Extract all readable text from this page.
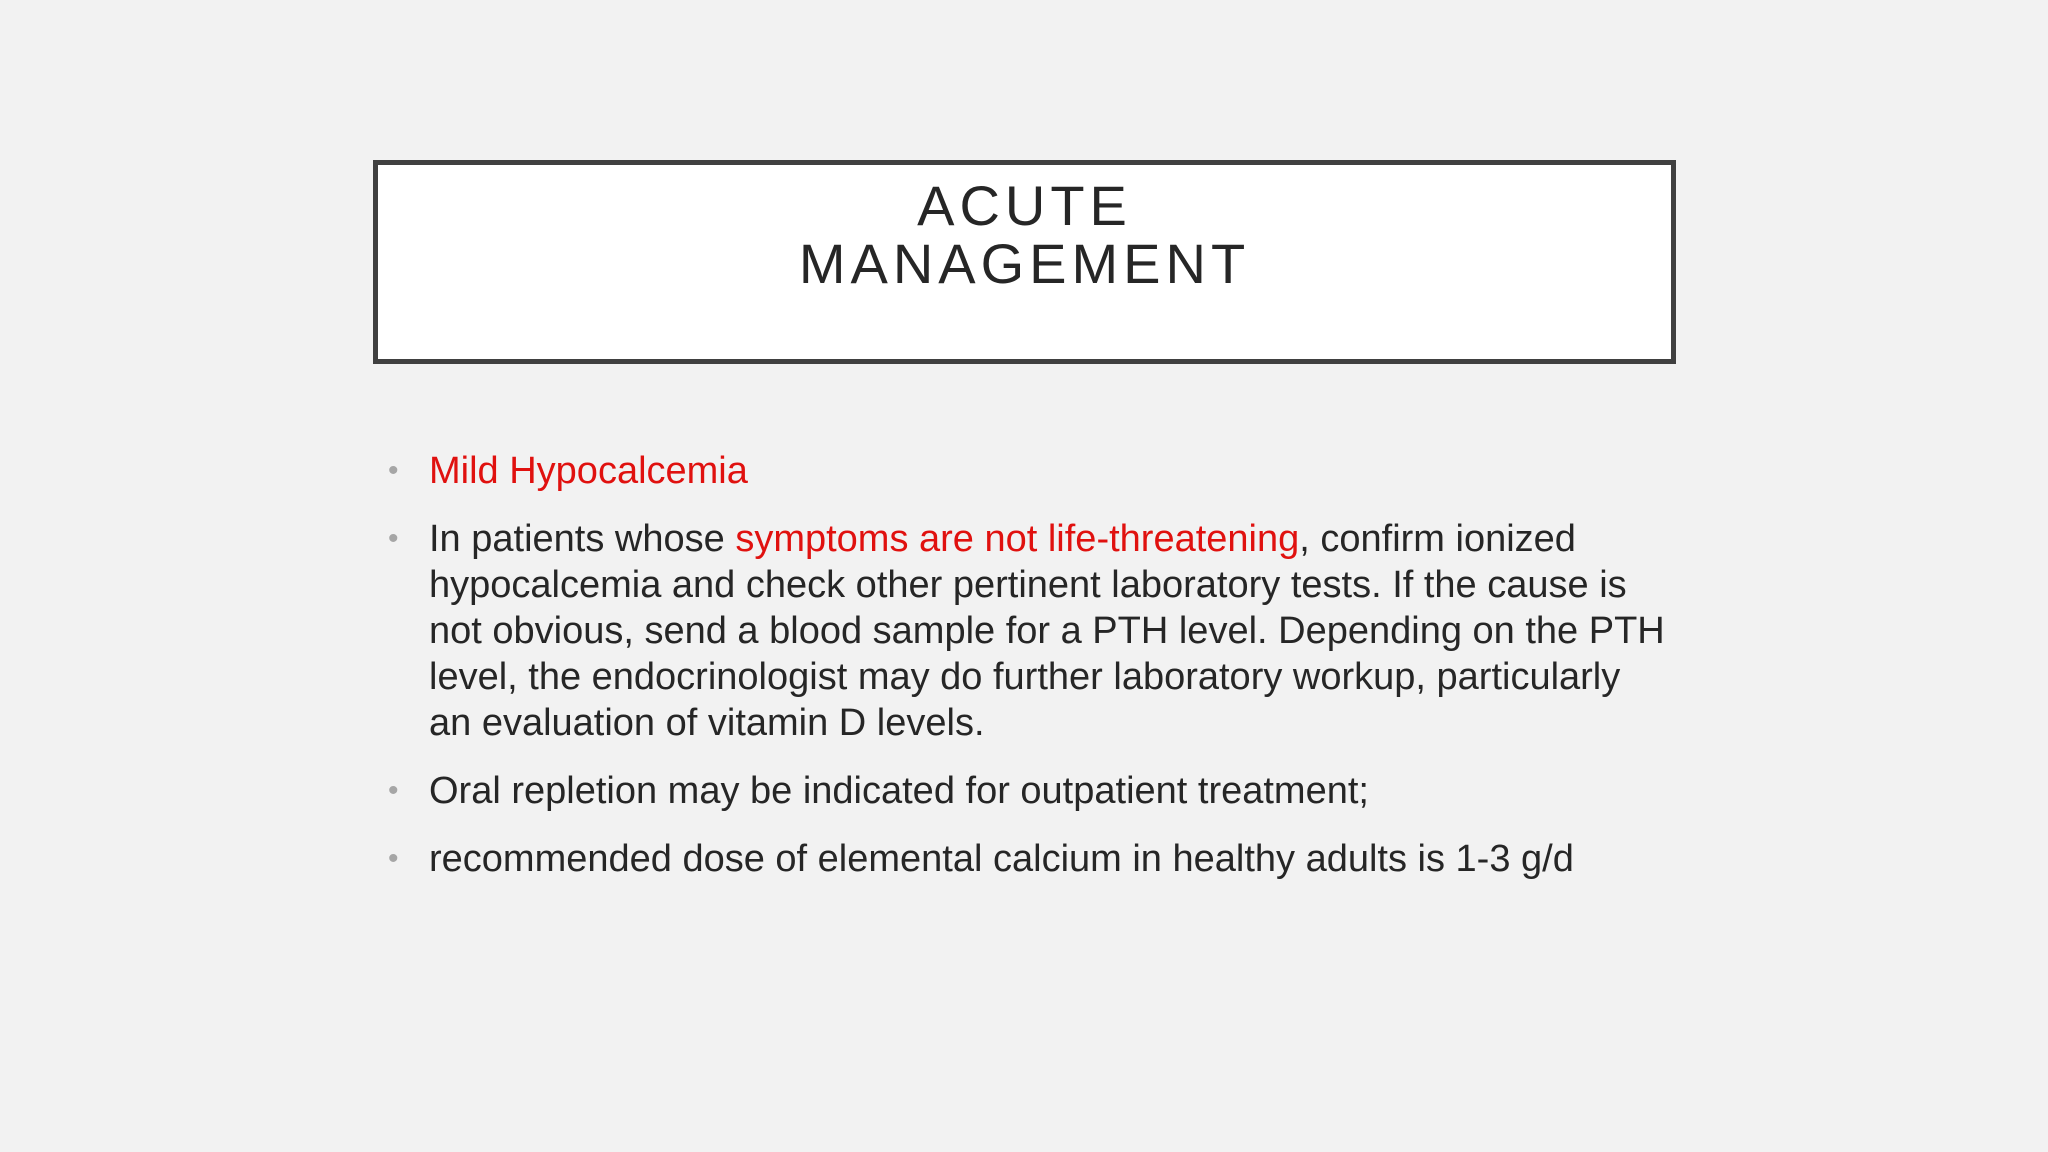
ACUTE
MANAGEMENT
• Mild Hypocalcemia
• In patients whose symptoms are not life-threatening, confirm ionized hypocalcemia and check other pertinent laboratory tests. If the cause is not obvious, send a blood sample for a PTH level. Depending on the PTH level, the endocrinologist may do further laboratory workup, particularly an evaluation of vitamin D levels.
• Oral repletion may be indicated for outpatient treatment;
• recommended dose of elemental calcium in healthy adults is 1-3 g/d
